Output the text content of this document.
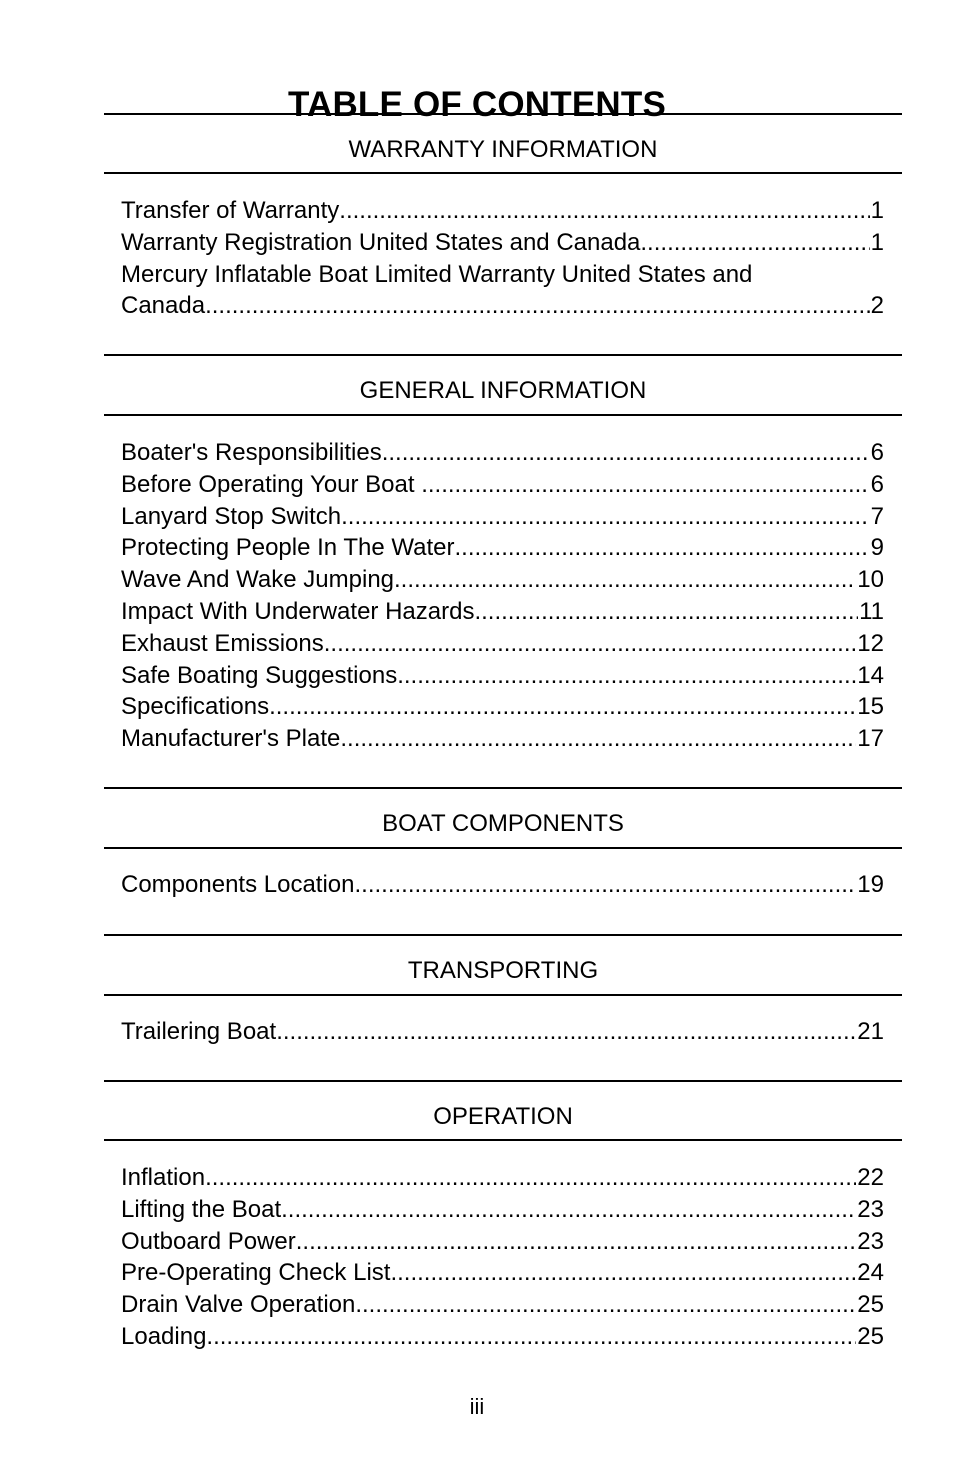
TABLE OF CONTENTS
WARRANTY INFORMATION
Transfer of Warranty .....	1
Warranty Registration United States and Canada .....	1
Mercury Inflatable Boat Limited Warranty United States and
Canada .....	2
GENERAL INFORMATION
Boater's Responsibilities .....	6
Before Operating Your Boat .....	6
Lanyard Stop Switch .....	7
Protecting People In The Water .....	9
Wave And Wake Jumping .....	10
Impact With Underwater Hazards .....	11
Exhaust Emissions .....	12
Safe Boating Suggestions .....	14
Specifications .....	15
Manufacturer's Plate .....	17
BOAT COMPONENTS
Components Location .....	19
TRANSPORTING
Trailering Boat .....	21
OPERATION
Inflation .....	22
Lifting the Boat .....	23
Outboard Power .....	23
Pre-Operating Check List .....	24
Drain Valve Operation .....	25
Loading .....	25
iii
